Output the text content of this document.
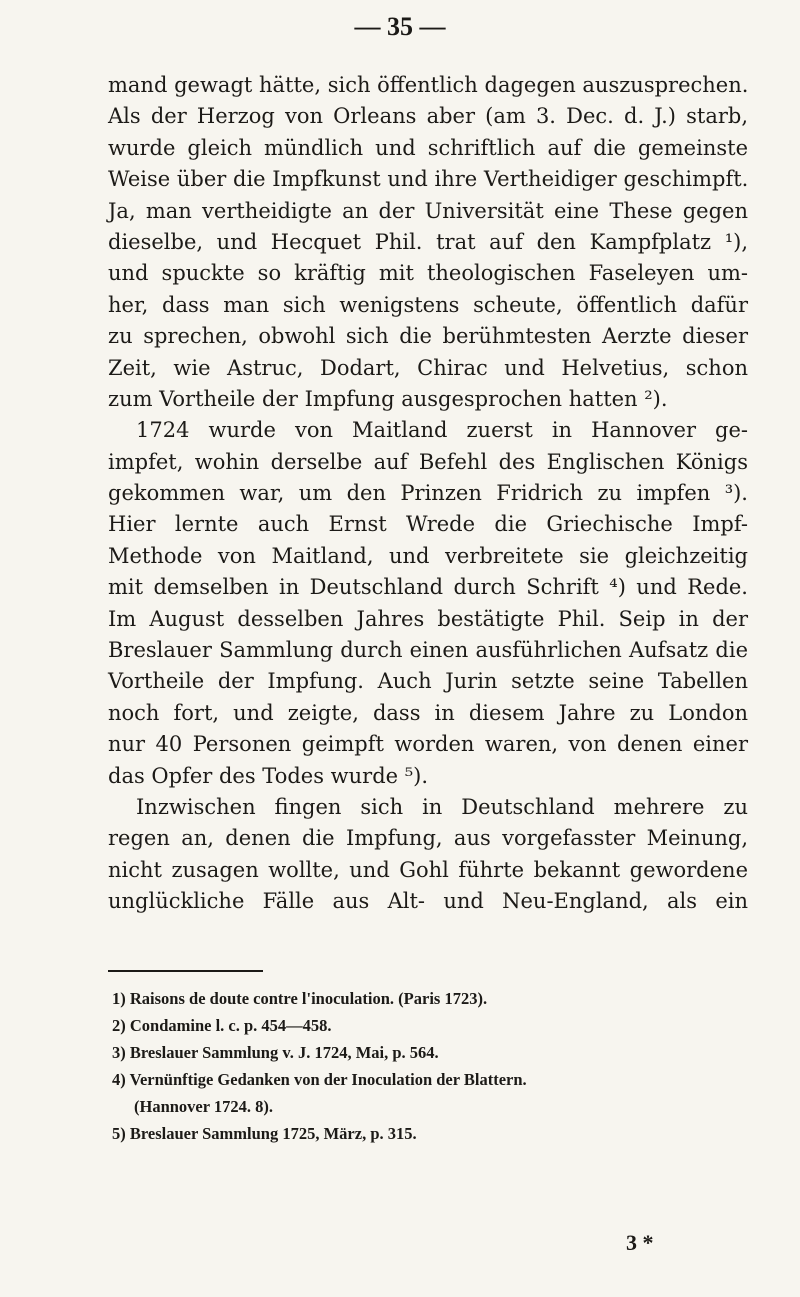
— 35 —
mand gewagt hätte, sich öffentlich dagegen auszusprechen.
Als der Herzog von Orleans aber (am 3. Dec. d. J.) starb,
wurde gleich mündlich und schriftlich auf die gemeinste
Weise über die Impfkunst und ihre Vertheidiger geschimpft.
Ja, man vertheidigte an der Universität eine These gegen
dieselbe, und Hecquet Phil. trat auf den Kampfplatz ¹),
und spuckte so kräftig mit theologischen Faseleyen um-
her, dass man sich wenigstens scheute, öffentlich dafür
zu sprechen, obwohl sich die berühmtesten Aerzte dieser
Zeit, wie Astruc, Dodart, Chirac und Helvetius, schon
zum Vortheile der Impfung ausgesprochen hatten ²).
1724 wurde von Maitland zuerst in Hannover ge-
impfet, wohin derselbe auf Befehl des Englischen Königs
gekommen war, um den Prinzen Fridrich zu impfen ³).
Hier lernte auch Ernst Wrede die Griechische Impf-
Methode von Maitland, und verbreitete sie gleichzeitig
mit demselben in Deutschland durch Schrift ⁴) und Rede.
Im August desselben Jahres bestätigte Phil. Seip in der
Breslauer Sammlung durch einen ausführlichen Aufsatz die
Vortheile der Impfung. Auch Jurin setzte seine Tabellen
noch fort, und zeigte, dass in diesem Jahre zu London
nur 40 Personen geimpft worden waren, von denen einer
das Opfer des Todes wurde ⁵).
Inzwischen fingen sich in Deutschland mehrere zu
regen an, denen die Impfung, aus vorgefasster Meinung,
nicht zusagen wollte, und Gohl führte bekannt gewordene
unglückliche Fälle aus Alt- und Neu-England, als ein
1) Raisons de doute contre l'inoculation. (Paris 1723).
2) Condamine l. c. p. 454—458.
3) Breslauer Sammlung v. J. 1724, Mai, p. 564.
4) Vernünftige Gedanken von der Inoculation der Blattern.
(Hannover 1724. 8).
5) Breslauer Sammlung 1725, März, p. 315.
3 *
